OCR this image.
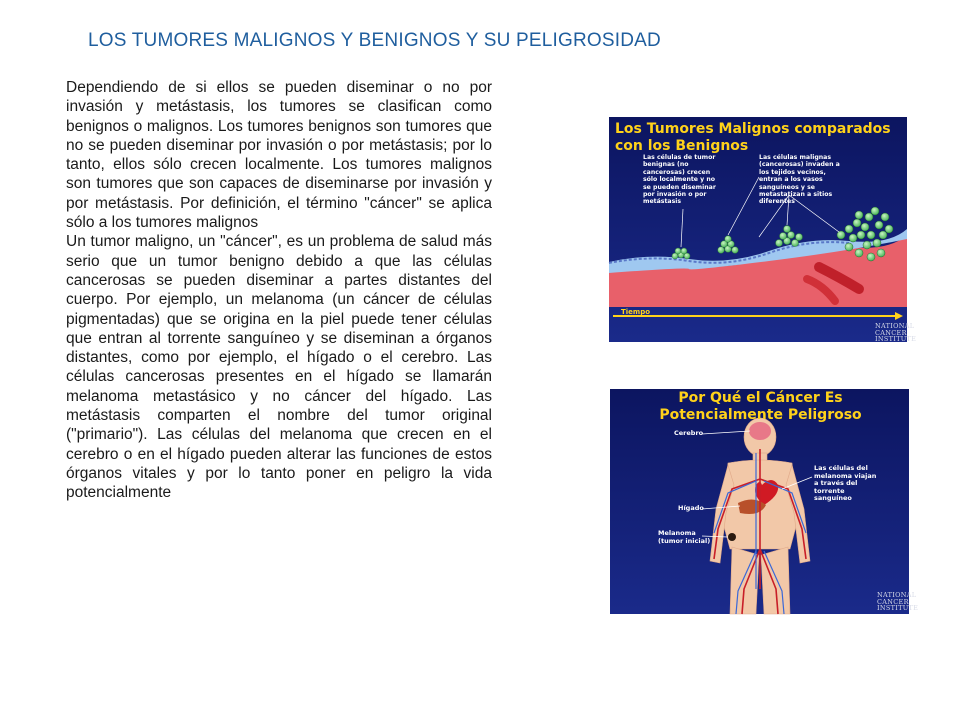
LOS TUMORES MALIGNOS Y BENIGNOS Y SU PELIGROSIDAD

Dependiendo de si ellos se pueden diseminar o no por invasión y metástasis, los tumores se clasifican como benignos o malignos. Los tumores benignos son tumores que no se pueden diseminar por invasión o por metástasis; por lo tanto, ellos sólo crecen localmente. Los tumores malignos son tumores que son capaces de diseminarse por invasión y por metástasis. Por definición, el término "cáncer" se aplica sólo a los tumores malignos

Un tumor maligno, un "cáncer", es un problema de salud más serio que un tumor benigno debido a que las células cancerosas se pueden diseminar a partes distantes del cuerpo. Por ejemplo, un melanoma (un cáncer de células pigmentadas) que se origina en la piel puede tener células que entran al torrente sanguíneo y se diseminan a órganos distantes, como por ejemplo, el hígado o el cerebro. Las células cancerosas presentes en el hígado se llamarán melanoma metastásico y no cáncer del hígado. Las metástasis comparten el nombre del tumor original ("primario"). Las células del melanoma que crecen en el cerebro o en el hígado pueden alterar las funciones de estos órganos vitales y por lo tanto poner en peligro la vida potencialmente

Los Tumores Malignos comparados con los Benignos
Las células de tumor benignas (no cancerosas) crecen sólo localmente y no se pueden diseminar por invasión o por metástasis
Las células malignas (cancerosas) invaden a los tejidos vecinos, entran a los vasos sanguíneos y se metastatizan a sitios diferentes
Tiempo
NATIONAL
CANCER
INSTITUTE
Por Qué el Cáncer Es Potencialmente Peligroso
Cerebro
Hígado
Melanoma
(tumor inicial)
Las células del melanoma viajan a través del torrente sanguíneo
NATIONAL
CANCER
INSTITUTE
